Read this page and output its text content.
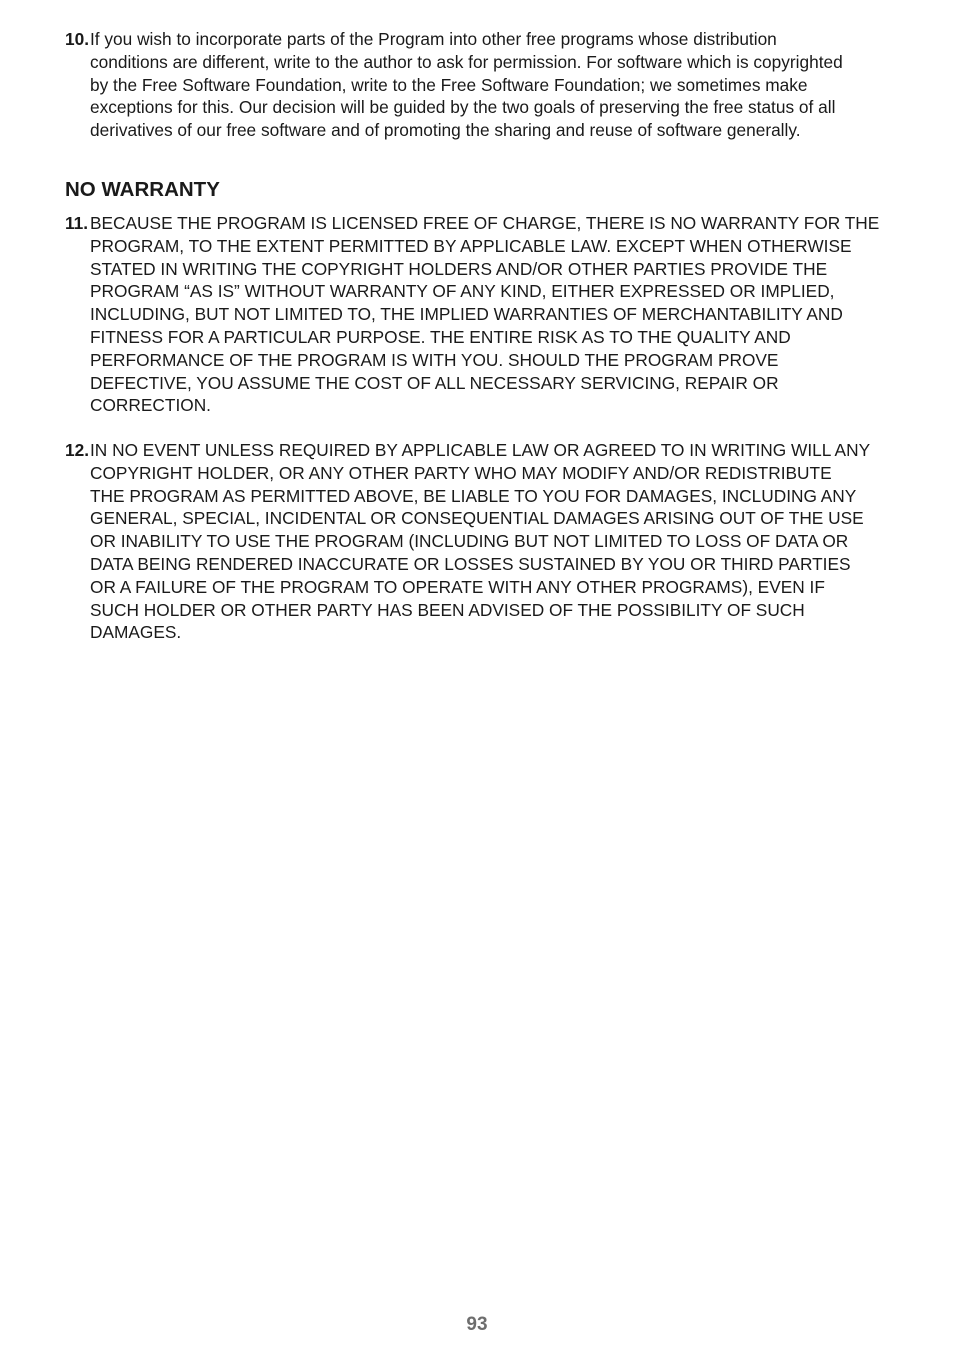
10. If you wish to incorporate parts of the Program into other free programs whose distribution
conditions are different, write to the author to ask for permission. For software which is copyrighted
by the Free Software Foundation, write to the Free Software Foundation; we sometimes make
exceptions for this. Our decision will be guided by the two goals of preserving the free status of all
derivatives of our free software and of promoting the sharing and reuse of software generally.
NO WARRANTY
11. BECAUSE THE PROGRAM IS LICENSED FREE OF CHARGE, THERE IS NO WARRANTY FOR THE
PROGRAM, TO THE EXTENT PERMITTED BY APPLICABLE LAW. EXCEPT WHEN OTHERWISE
STATED IN WRITING THE COPYRIGHT HOLDERS AND/OR OTHER PARTIES PROVIDE THE
PROGRAM “AS IS” WITHOUT WARRANTY OF ANY KIND, EITHER EXPRESSED OR IMPLIED,
INCLUDING, BUT NOT LIMITED TO, THE IMPLIED WARRANTIES OF MERCHANTABILITY AND
FITNESS FOR A PARTICULAR PURPOSE. THE ENTIRE RISK AS TO THE QUALITY AND
PERFORMANCE OF THE PROGRAM IS WITH YOU. SHOULD THE PROGRAM PROVE
DEFECTIVE, YOU ASSUME THE COST OF ALL NECESSARY SERVICING, REPAIR OR
CORRECTION.
12. IN NO EVENT UNLESS REQUIRED BY APPLICABLE LAW OR AGREED TO IN WRITING WILL ANY
COPYRIGHT HOLDER, OR ANY OTHER PARTY WHO MAY MODIFY AND/OR REDISTRIBUTE
THE PROGRAM AS PERMITTED ABOVE, BE LIABLE TO YOU FOR DAMAGES, INCLUDING ANY
GENERAL, SPECIAL, INCIDENTAL OR CONSEQUENTIAL DAMAGES ARISING OUT OF THE USE
OR INABILITY TO USE THE PROGRAM (INCLUDING BUT NOT LIMITED TO LOSS OF DATA OR
DATA BEING RENDERED INACCURATE OR LOSSES SUSTAINED BY YOU OR THIRD PARTIES
OR A FAILURE OF THE PROGRAM TO OPERATE WITH ANY OTHER PROGRAMS), EVEN IF
SUCH HOLDER OR OTHER PARTY HAS BEEN ADVISED OF THE POSSIBILITY OF SUCH
DAMAGES.
93
